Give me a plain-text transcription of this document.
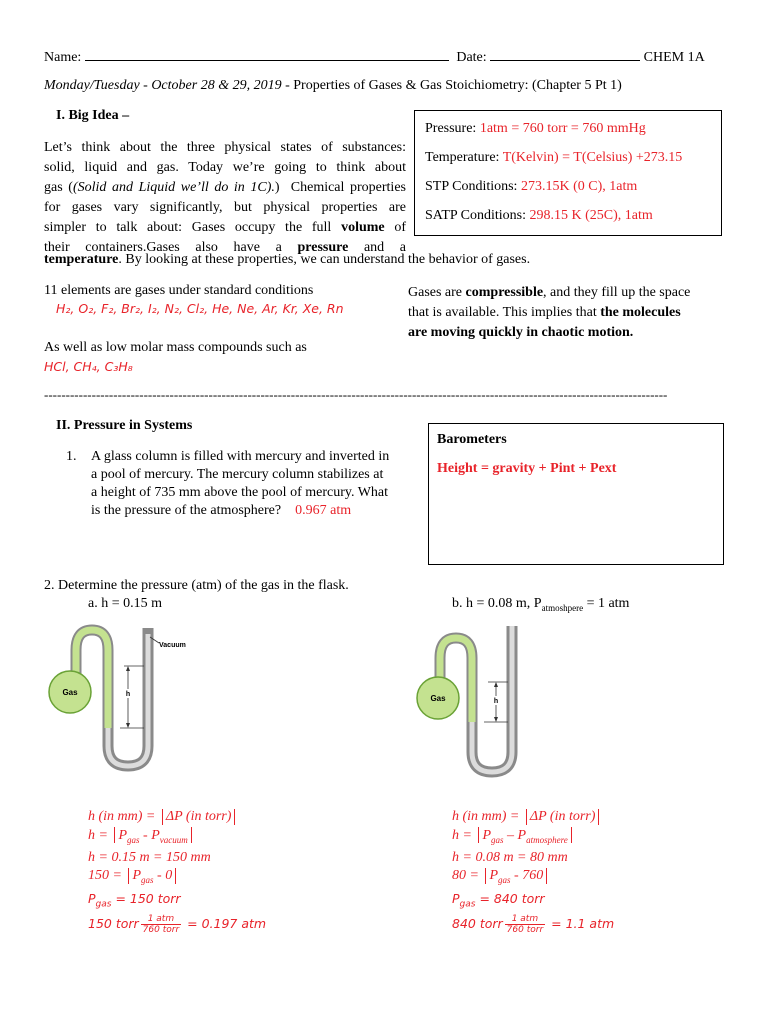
Name:	Date:	CHEM 1A
Monday/Tuesday - October 28 & 29, 2019 - Properties of Gases & Gas Stoichiometry: (Chapter 5 Pt 1)
I. Big Idea –
Pressure: 1atm = 760 torr = 760 mmHg
Temperature: T(Kelvin) = T(Celsius) +273.15
STP Conditions: 273.15K (0 C), 1atm
SATP Conditions: 298.15 K (25C), 1atm
Let’s think about the three physical states of substances:
solid, liquid and gas. Today we’re going to think about
gas ((Solid and Liquid we’ll do in 1C).)  Chemical properties
for gases vary significantly, but physical properties are
simpler to talk about: Gases occupy the full volume of
their containers.Gases also have a pressure and a
temperature. By looking at these properties, we can understand the behavior of gases.
11 elements are gases under standard conditions
H₂, O₂, F₂, Br₂, I₂, N₂, Cl₂, He, Ne, Ar, Kr, Xe, Rn
As well as low molar mass compounds such as
HCl, CH₄, C₃H₈
Gases are compressible, and they fill up the space
that is available. This implies that the molecules
are moving quickly in chaotic motion.
------------------------------------------------------------------------------------------------------------------------------------------------
II. Pressure in Systems
1. A glass column is filled with mercury and inverted in
a pool of mercury. The mercury column stabilizes at
a height of 735 mm above the pool of mercury. What
is the pressure of the atmosphere? 0.967 atm
Barometers
Height = gravity + Pint + Pext
2. Determine the pressure (atm) of the gas in the flask.
a. h = 0.15 m	b. h = 0.08 m, $P_{atmoshpere} = 1$ atm
Gas	h
Vacuum
Gas	h
h (in mm) = ΔP (in torr)
$h = P_{gas} - P_{vacuum}$
h = 0.15 m = 150 mm
$150 = P_{gas} - 0$
$P_{gas} = 150$ torr
150 torr $\frac{\text{1 atm}}{\text{760 torr}} = 0.197$ atm
h (in mm) = ΔP (in torr)
$h = P_{gas} - P_{atmosphere}$
h = 0.08 m = 80 mm
$80 = P_{gas} - 760$
$P_{gas} = 840$ torr
840 torr $\frac{\text{1 atm}}{\text{760 torr}} = 1.1$ atm
